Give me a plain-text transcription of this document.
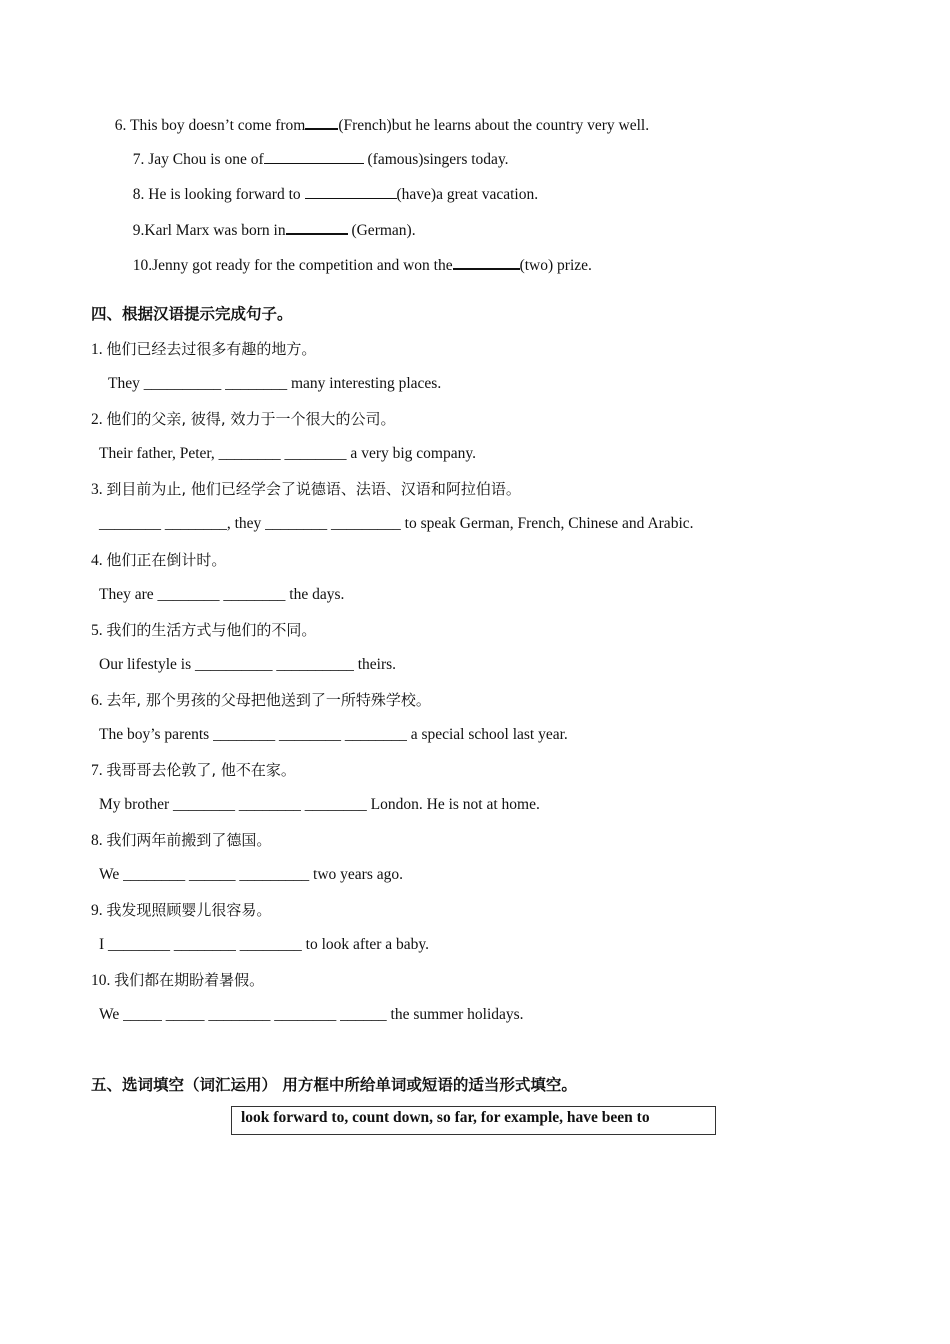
6. This boy doesn’t come from (French)but he learns about the country very well.

7. Jay Chou is one of	(famous)singers today.

8. He is looking forward to	(have)a great vacation.

9.Karl Marx was born in	(German).

10.Jenny got ready for the competition and won the	(two) prize.

四、根据汉语提示完成句子。
1. 他们已经去过很多有趣的地方。
They __________ ________ many interesting places.
2. 他们的父亲, 彼得, 效力于一个很大的公司。
Their father, Peter, ________ ________ a very big company.
3. 到目前为止, 他们已经学会了说德语、法语、汉语和阿拉伯语。
________ ________, they ________ _________ to speak German, French, Chinese and Arabic.
4. 他们正在倒计时。
They are ________ ________ the days.
5. 我们的生活方式与他们的不同。
Our lifestyle is __________ __________ theirs.
6. 去年, 那个男孩的父母把他送到了一所特殊学校。
The boy’s parents ________ ________ ________ a special school last year.
7. 我哥哥去伦敦了, 他不在家。
My brother ________ ________ ________ London. He is not at home.
8. 我们两年前搬到了德国。
We ________ ______ _________ two years ago.
9. 我发现照顾婴儿很容易。
I ________ ________ ________ to look after a baby.
10. 我们都在期盼着暑假。
We _____ _____ ________ ________ ______ the summer holidays.
五、选词填空（词汇运用） 用方框中所给单词或短语的适当形式填空。
look forward to, count down, so far, for example, have been to
